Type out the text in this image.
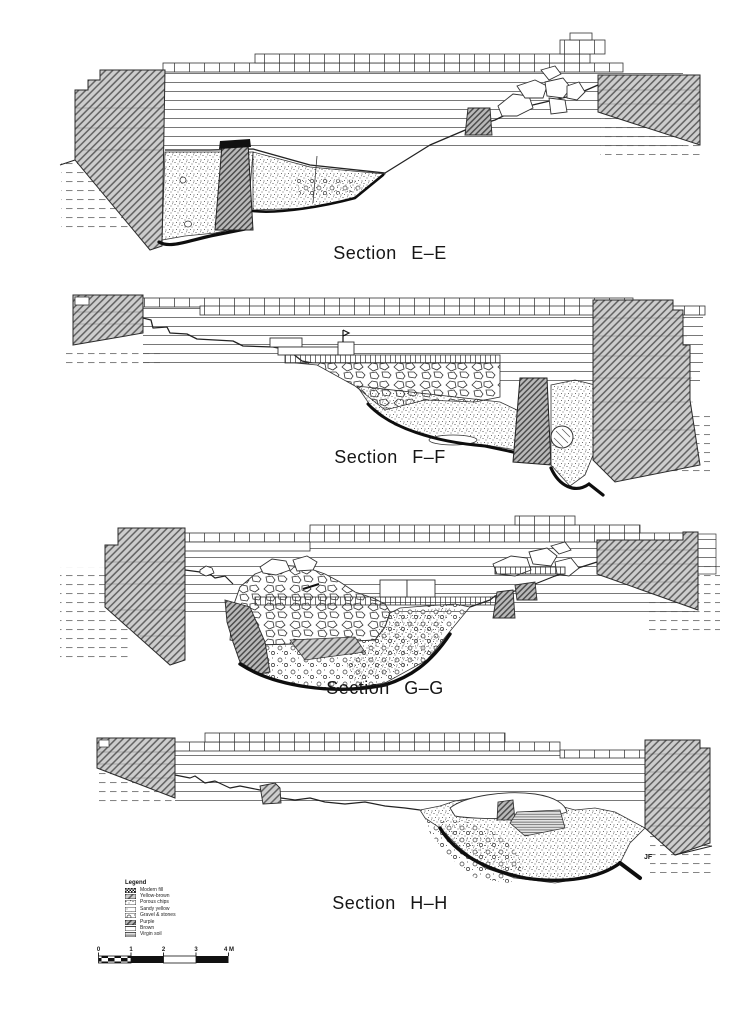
Section E–E
Section F–F
Section G–G
Section H–H
Legend
Modern fill
Yellow-brown
Porous chips
Sandy yellow
Gravel & stones
Purple
Brown
Virgin soil
0	1	2	3	4 M
JF
